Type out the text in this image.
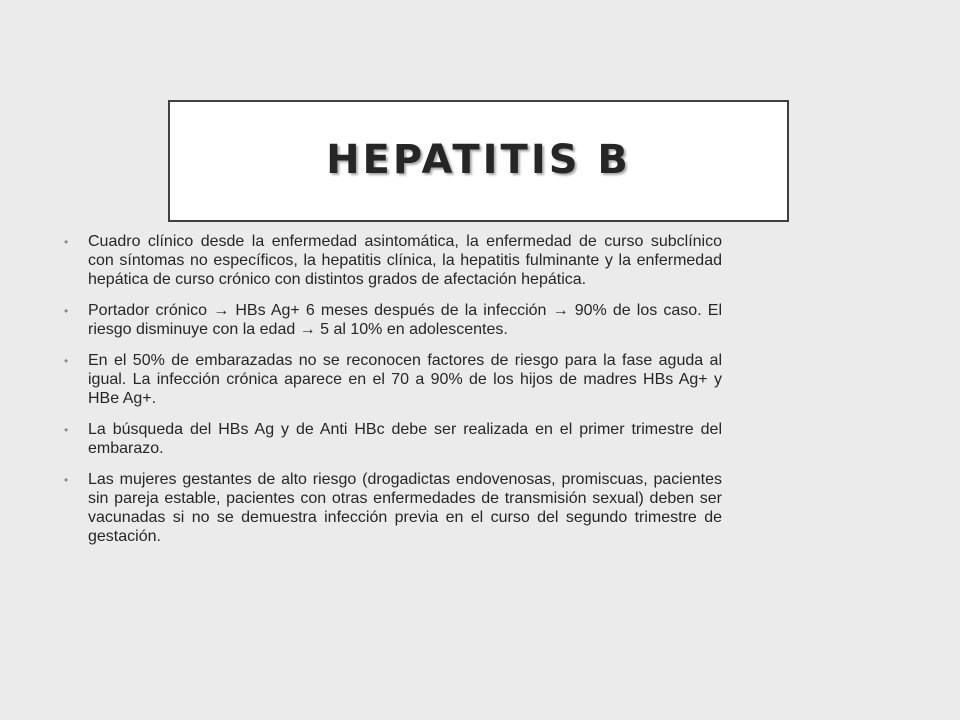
HEPATITIS B
• Cuadro clínico desde la enfermedad asintomática, la enfermedad de curso subclínico con síntomas no específicos, la hepatitis clínica, la hepatitis fulminante y la enfermedad hepática de curso crónico con distintos grados de afectación hepática.
• Portador crónico → HBs Ag+ 6 meses después de la infección → 90% de los caso. El riesgo disminuye con la edad → 5 al 10% en adolescentes.
• En el 50% de embarazadas no se reconocen factores de riesgo para la fase aguda al igual. La infección crónica aparece en el 70 a 90% de los hijos de madres HBs Ag+ y HBe Ag+.
• La búsqueda del HBs Ag y de Anti HBc debe ser realizada en el primer trimestre del embarazo.
• Las mujeres gestantes de alto riesgo (drogadictas endovenosas, promiscuas, pacientes sin pareja estable, pacientes con otras enfermedades de transmisión sexual) deben ser vacunadas si no se demuestra infección previa en el curso del segundo trimestre de gestación.
